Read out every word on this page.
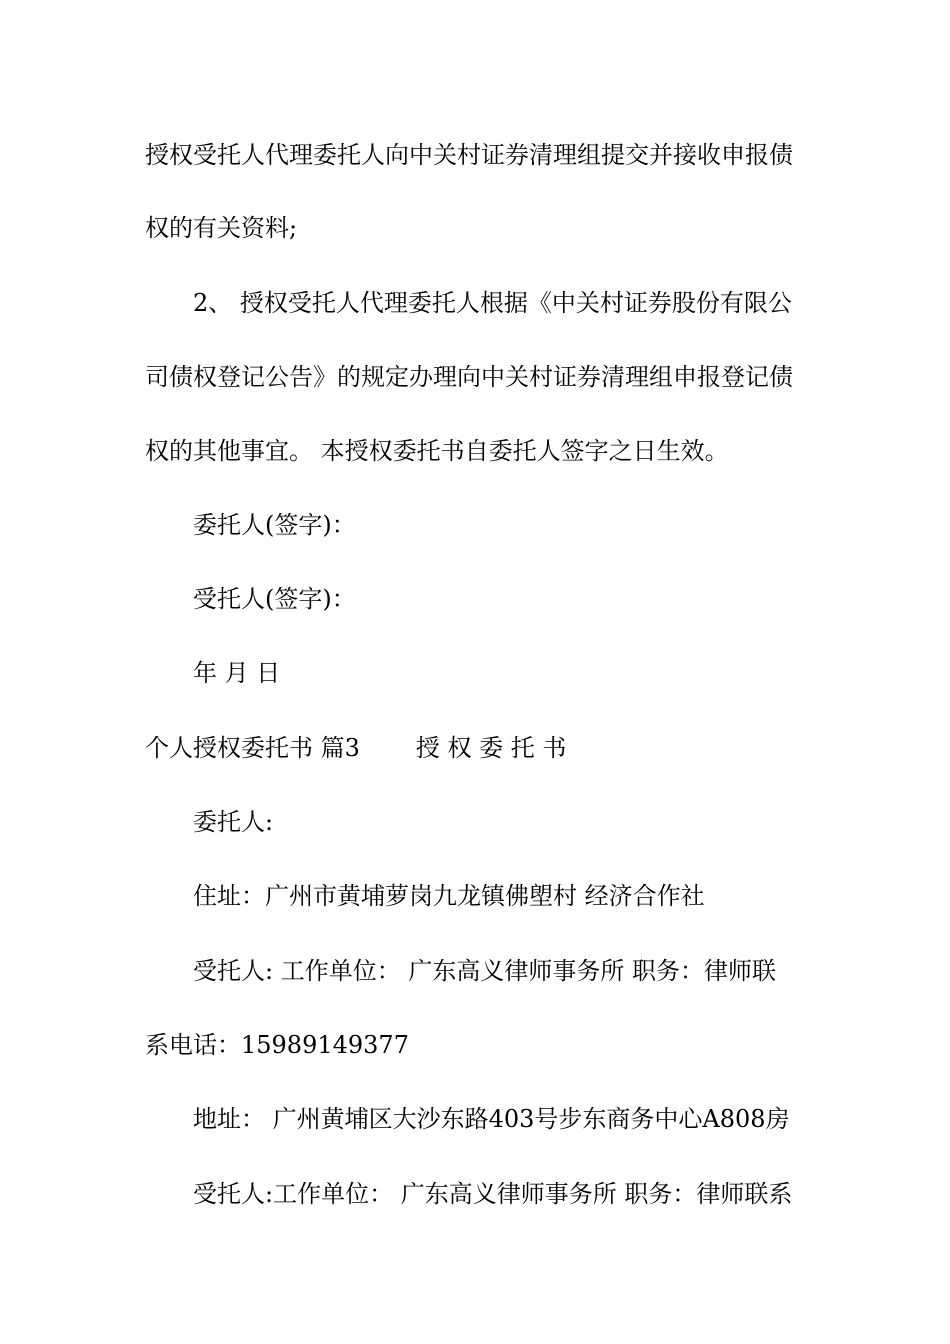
授权受托人代理委托人向中关村证券清理组提交并接收申报债

权的有关资料;

2、 授权受托人代理委托人根据《中关村证券股份有限公

司债权登记公告》的规定办理向中关村证券清理组申报登记债

权的其他事宜。 本授权委托书自委托人签字之日生效。

委托人(签字)：

受托人(签字)：

年 月 日

个人授权委托书 篇3 授 权 委 托 书

委托人:

住址：广州市黄埔萝岗九龙镇佛塱村 经济合作社

受托人: 工作单位： 广东高义律师事务所 职务：律师联

系电话：15989149377

地址： 广州黄埔区大沙东路403号步东商务中心A808房

受托人:工作单位： 广东高义律师事务所 职务：律师联系
